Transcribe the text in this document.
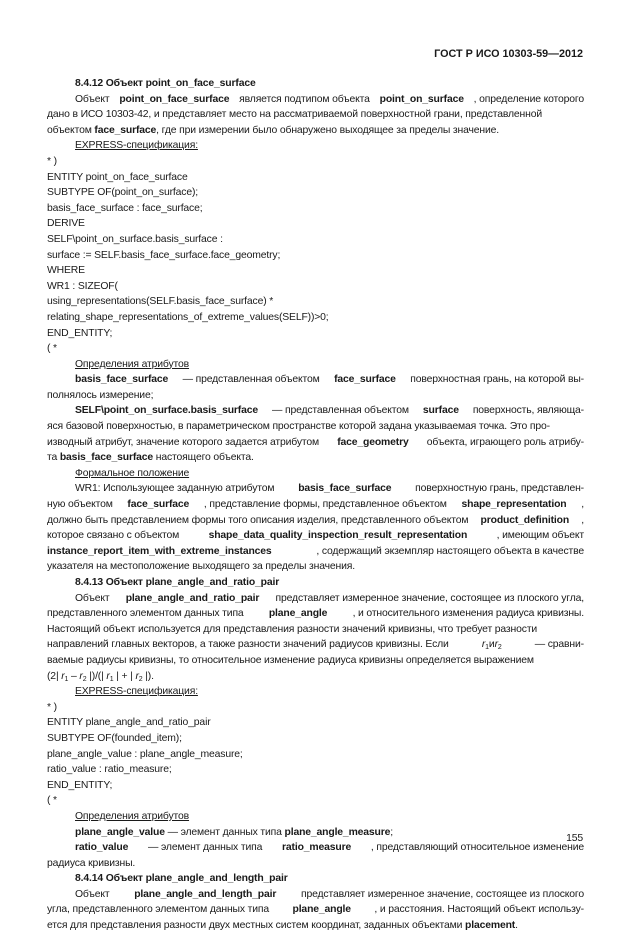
ГОСТ Р ИСО 10303-59—2012
8.4.12 Объект point_on_face_surface
Объект point_on_face_surface является подтипом объекта point_on_surface , определение которого
дано в ИСО 10303-42, и представляет место на рассматриваемой поверхностной грани, представленной
объектом face_surface, где при измерении было обнаружено выходящее за пределы значение.
EXPRESS-спецификация:
* )
ENTITY point_on_face_surface
SUBTYPE OF(point_on_surface);
basis_face_surface : face_surface;
DERIVE
SELF\point_on_surface.basis_surface :
surface := SELF.basis_face_surface.face_geometry;
WHERE
WR1 : SIZEOF(
using_representations(SELF.basis_face_surface) *
relating_shape_representations_of_extreme_values(SELF))>0;
END_ENTITY;
( *
Определения атрибутов
basis_face_surface — представленная объектом face_surface поверхностная грань, на которой вы-
полнялось измерение;
SELF\point_on_surface.basis_surface — представленная объектом surface поверхность, являюща-
яся базовой поверхностью, в параметрическом пространстве которой задана указываемая точка. Это про-
изводный атрибут, значение которого задается атрибутом face_geometry объекта, играющего роль атрибу-
та basis_face_surface настоящего объекта.
Формальное положение
WR1: Использующее заданную атрибутом basis_face_surface поверхностную грань, представлен-
ную объектом face_surface , представление формы, представленное объектом shape_representation ,
должно быть представлением формы того описания изделия, представленного объектом product_definition ,
которое связано с объектом	shape_data_quality_inspection_result_representation	, имеющим объект
instance_report_item_with_extreme_instances	, содержащий экземпляр настоящего объекта в качестве
указателя на местоположение выходящего за пределы значения.
8.4.13 Объект plane_angle_and_ratio_pair
Объект plane_angle_and_ratio_pair представляет измеренное значение, состоящее из плоского угла,
представленного элементом данных типа plane_angle , и относительного изменения радиуса кривизны.
Настоящий объект используется для представления разности значений кривизны, что требует разности
направлений главных векторов, а также разности значений радиусов кривизны. Если	$r_1иr_2$	— сравни-
ваемые радиусы кривизны, то относительное изменение радиуса кривизны определяется выражением
(2| $r_1 - r_2$ |)/(| $r_1$ | + | $r_2$ |).
EXPRESS-спецификация:
* )
ENTITY plane_angle_and_ratio_pair
SUBTYPE OF(founded_item);
plane_angle_value : plane_angle_measure;
ratio_value : ratio_measure;
END_ENTITY;
( *
Определения атрибутов
plane_angle_value — элемент данных типа plane_angle_measure;
ratio_value — элемент данных типа ratio_measure , представляющий относительное изменение
радиуса кривизны.
8.4.14 Объект plane_angle_and_length_pair
Объект plane_angle_and_length_pair представляет измеренное значение, состоящее из плоского
угла, представленного элементом данных типа plane_angle , и расстояния. Настоящий объект использу-
ется для представления разности двух местных систем координат, заданных объектами placement.
155
